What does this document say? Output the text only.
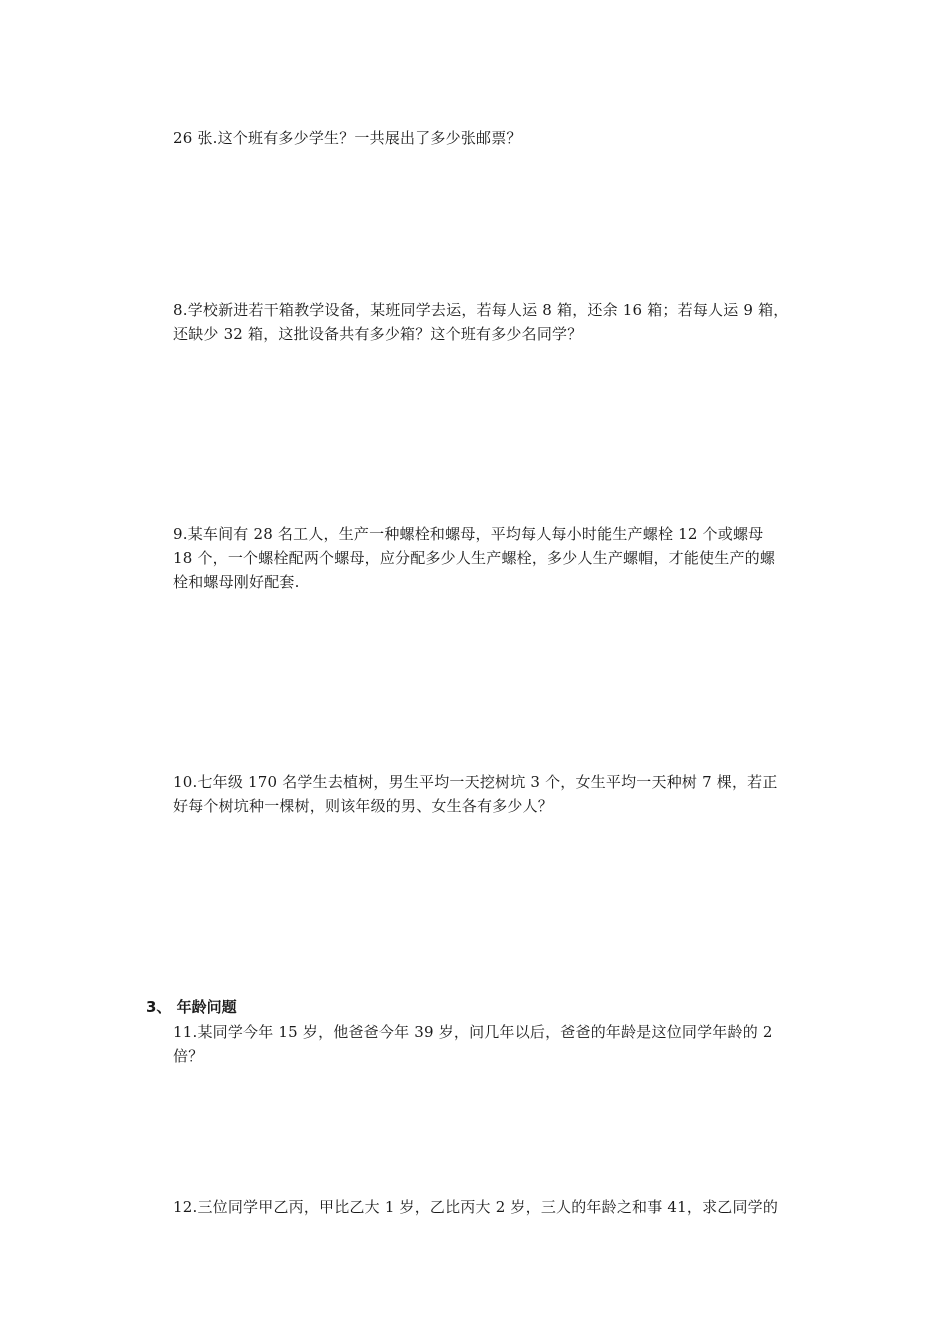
26 张.这个班有多少学生？一共展出了多少张邮票？
8.学校新进若干箱教学设备，某班同学去运，若每人运 8 箱，还余 16 箱；若每人运 9 箱，
还缺少 32 箱，这批设备共有多少箱？这个班有多少名同学？
9.某车间有 28 名工人，生产一种螺栓和螺母，平均每人每小时能生产螺栓 12 个或螺母
18 个，一个螺栓配两个螺母，应分配多少人生产螺栓，多少人生产螺帽，才能使生产的螺
栓和螺母刚好配套.
10.七年级 170 名学生去植树，男生平均一天挖树坑 3 个，女生平均一天种树 7 棵，若正
好每个树坑种一棵树，则该年级的男、女生各有多少人？
3、 年龄问题
11.某同学今年 15 岁，他爸爸今年 39 岁，问几年以后，爸爸的年龄是这位同学年龄的 2
倍？
12.三位同学甲乙丙，甲比乙大 1 岁，乙比丙大 2 岁，三人的年龄之和事 41，求乙同学的
